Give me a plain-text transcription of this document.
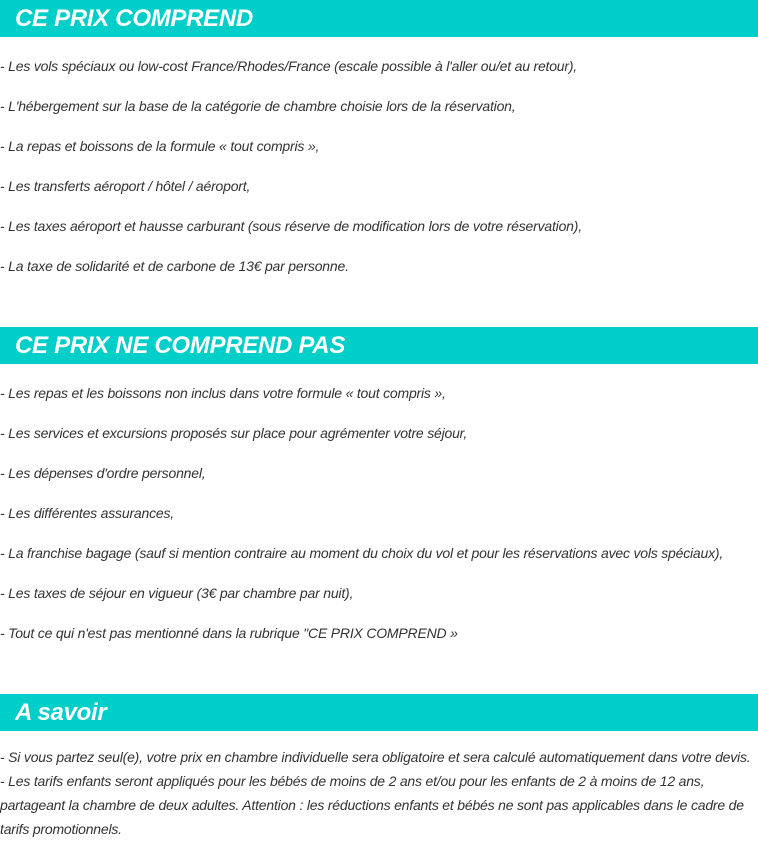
CE PRIX COMPREND
- Les vols spéciaux ou low-cost France/Rhodes/France (escale possible à l'aller ou/et au retour),
- L'hébergement sur la base de la catégorie de chambre choisie lors de la réservation,
- La repas et boissons de la formule « tout compris »,
- Les transferts aéroport / hôtel / aéroport,
- Les taxes aéroport et hausse carburant (sous réserve de modification lors de votre réservation),
- La taxe de solidarité et de carbone de 13€ par personne.
CE PRIX NE COMPREND PAS
- Les repas et les boissons non inclus dans votre formule « tout compris »,
- Les services et excursions proposés sur place pour agrémenter votre séjour,
- Les dépenses d'ordre personnel,
- Les différentes assurances,
- La franchise bagage (sauf si mention contraire au moment du choix du vol et pour les réservations avec vols spéciaux),
- Les taxes de séjour en vigueur (3€ par chambre par nuit),
- Tout ce qui n'est pas mentionné dans la rubrique "CE PRIX COMPREND »
A savoir

- Si vous partez seul(e), votre prix en chambre individuelle sera obligatoire et sera calculé automatiquement dans votre devis.

- Les tarifs enfants seront appliqués pour les bébés de moins de 2 ans et/ou pour les enfants de 2 à moins de 12 ans, partageant la chambre de deux adultes. Attention : les réductions enfants et bébés ne sont pas applicables dans le cadre de tarifs promotionnels.
